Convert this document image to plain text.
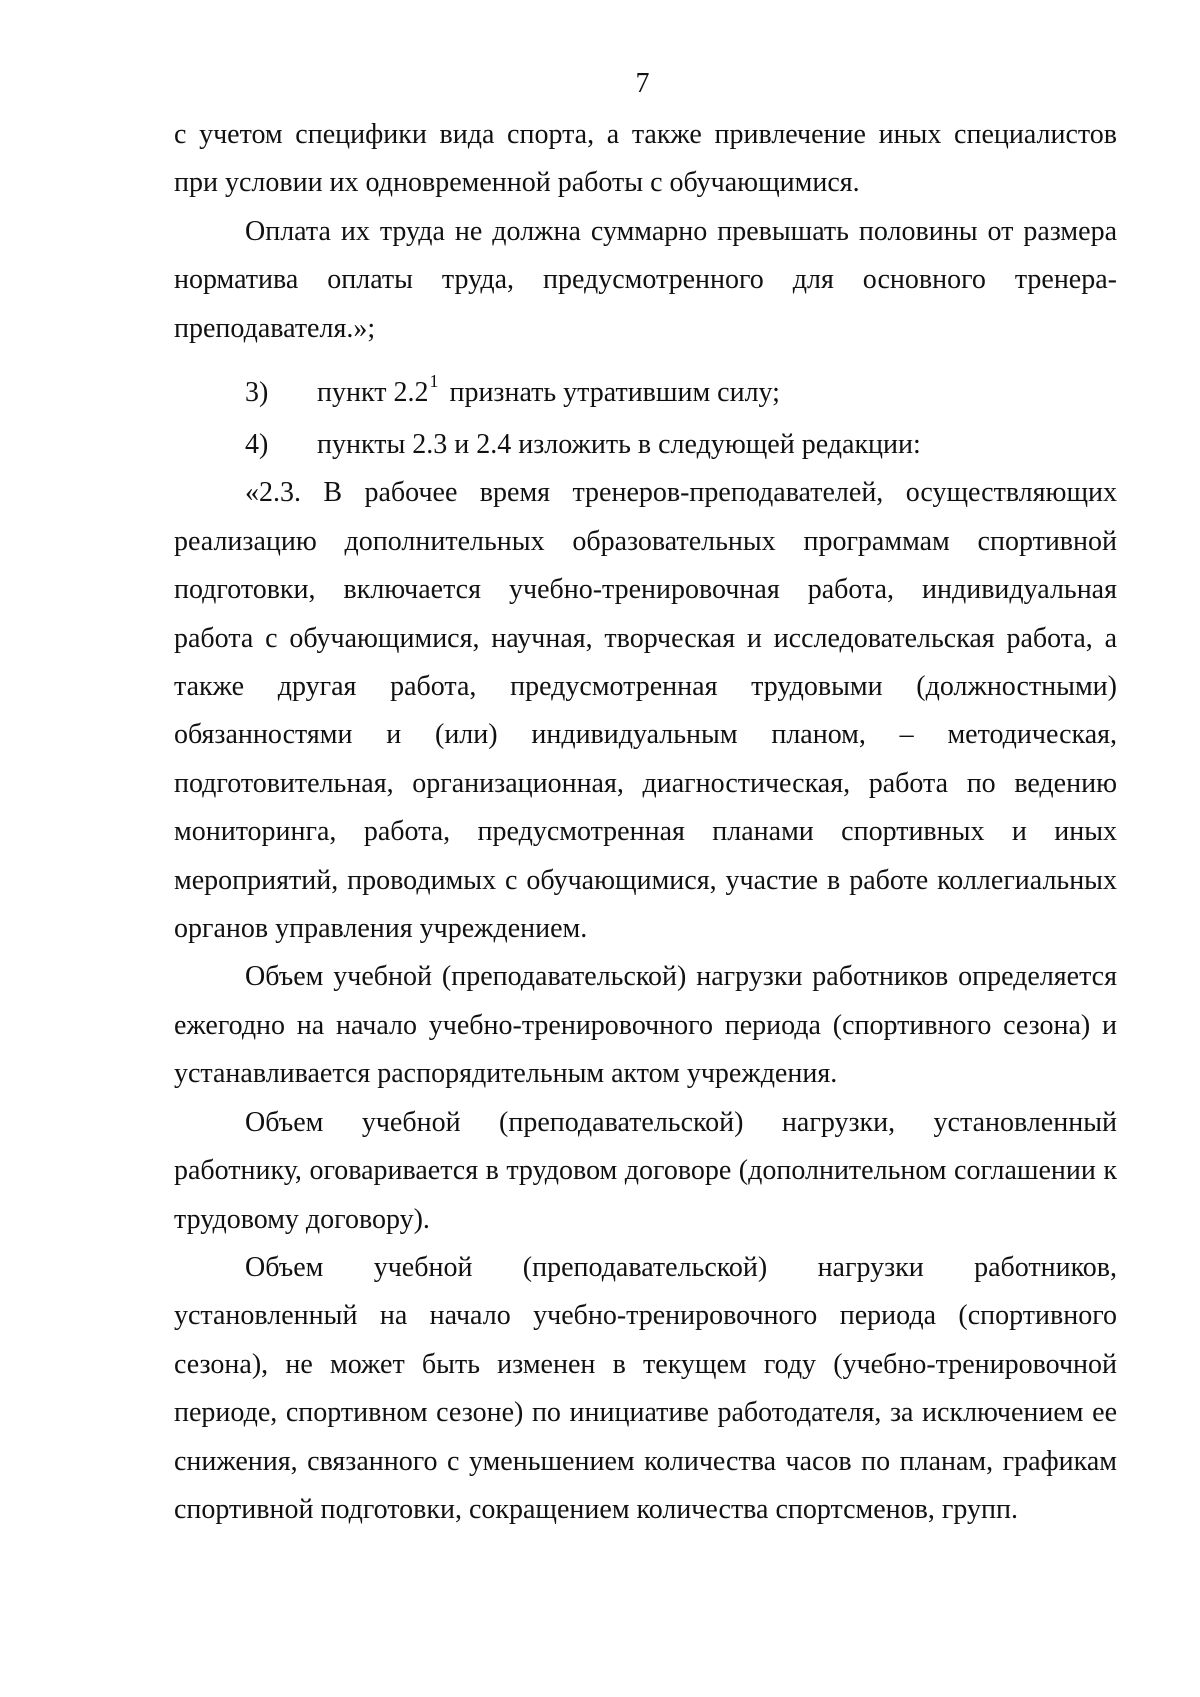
7

с учетом специфики вида спорта, а также привлечение иных специалистов при условии их одновременной работы с обучающимися.

Оплата их труда не должна суммарно превышать половины от размера норматива оплаты труда, предусмотренного для основного тренера-преподавателя.»;

3) пункт $2.2^1$ признать утратившим силу;
4) пункты 2.3 и 2.4 изложить в следующей редакции:

«2.3. В рабочее время тренеров-преподавателей, осуществляющих реализацию дополнительных образовательных программам спортивной подготовки, включается учебно-тренировочная работа, индивидуальная работа с обучающимися, научная, творческая и исследовательская работа, а также другая работа, предусмотренная трудовыми (должностными) обязанностями и (или) индивидуальным планом, – методическая, подготовительная, организационная, диагностическая, работа по ведению мониторинга, работа, предусмотренная планами спортивных и иных мероприятий, проводимых с обучающимися, участие в работе коллегиальных органов управления учреждением.

Объем учебной (преподавательской) нагрузки работников определяется ежегодно на начало учебно-тренировочного периода (спортивного сезона) и устанавливается распорядительным актом учреждения.

Объем учебной (преподавательской) нагрузки, установленный работнику, оговаривается в трудовом договоре (дополнительном соглашении к трудовому договору).

Объем учебной (преподавательской) нагрузки работников, установленный на начало учебно-тренировочного периода (спортивного сезона), не может быть изменен в текущем году (учебно-тренировочной периоде, спортивном сезоне) по инициативе работодателя, за исключением ее снижения, связанного с уменьшением количества часов по планам, графикам спортивной подготовки, сокращением количества спортсменов, групп.
